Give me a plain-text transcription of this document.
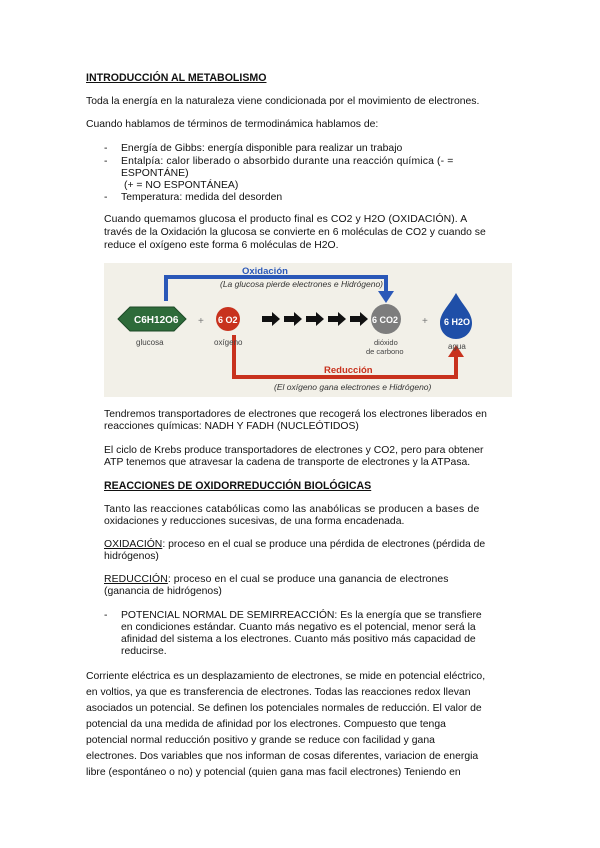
INTRODUCCIÓN AL METABOLISMO
Toda la energía en la naturaleza viene condicionada por el movimiento de electrones.
Cuando hablamos de términos de termodinámica hablamos de:
- Energía de Gibbs: energía disponible para realizar un trabajo
- Entalpía: calor liberado o absorbido durante una reacción química (- =
ESPONTÁNE)
(+ = NO ESPONTÁNEA)
- Temperatura: medida del desorden
Cuando quemamos glucosa el producto final es CO2 y H2O (OXIDACIÓN). A
través de la Oxidación la glucosa se convierte en 6 moléculas de CO2 y cuando se
reduce el oxígeno este forma 6 moléculas de H2O.
Oxidación
(La glucosa pierde electrones e Hidrógeno)
Reducción
(El oxígeno gana electrones e Hidrógeno)
C6H12O6
glucosa
+ 6 O2
oxígeno
6 CO2
dióxido
de carbono
+ 6 H2O
agua
Tendremos transportadores de electrones que recogerá los electrones liberados en
reacciones químicas: NADH Y FADH (NUCLEÓTIDOS)
El ciclo de Krebs produce transportadores de electrones y CO2, pero para obtener
ATP tenemos que atravesar la cadena de transporte de electrones y la ATPasa.
REACCIONES DE OXIDORREDUCCIÓN BIOLÓGICAS
Tanto las reacciones catabólicas como las anabólicas se producen a bases de
oxidaciones y reducciones sucesivas, de una forma encadenada.
OXIDACIÓN: proceso en el cual se produce una pérdida de electrones (pérdida de
hidrógenos)
REDUCCIÓN: proceso en el cual se produce una ganancia de electrones
(ganancia de hidrógenos)
- POTENCIAL NORMAL DE SEMIRREACCIÓN: Es la energía que se transfiere
en condiciones estándar. Cuanto más negativo es el potencial, menor será la
afinidad del sistema a los electrones. Cuanto más positivo más capacidad de
reducirse.
Corriente eléctrica es un desplazamiento de electrones, se mide en potencial eléctrico,
en voltios, ya que es transferencia de electrones. Todas las reacciones redox llevan
asociados un potencial. Se definen los potenciales normales de reducción. El valor de
potencial da una medida de afinidad por los electrones. Compuesto que tenga
potencial normal reducción positivo y grande se reduce con facilidad y gana
electrones. Dos variables que nos informan de cosas diferentes, variacion de energia
libre (espontáneo o no) y potencial (quien gana mas facil electrones) Teniendo en
